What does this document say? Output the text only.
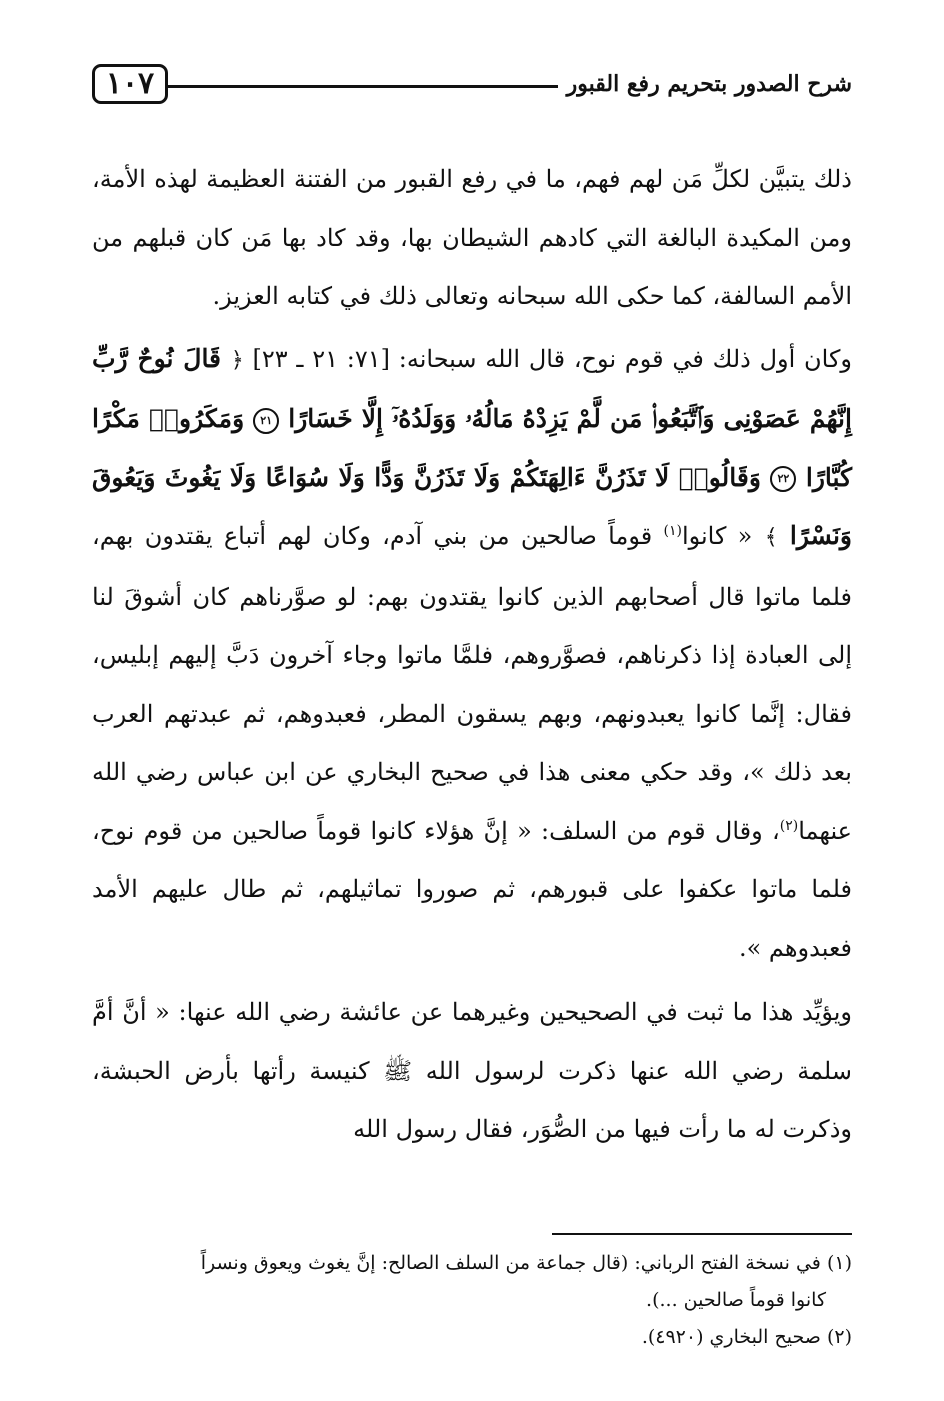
١٠٧	شرح الصدور بتحريم رفع القبور

ذلك يتبيَّن لكلِّ مَن لهم فهم، ما في رفع القبور من الفتنة العظيمة لهذه الأمة، ومن المكيدة البالغة التي كادهم الشيطان بها، وقد كاد بها مَن كان قبلهم من الأمم السالفة، كما حكى الله سبحانه وتعالى ذلك في كتابه العزيز.

وكان أول ذلك في قوم نوح، قال الله سبحانه: [٧١: ٢١ ـ ٢٣] ﴿ قَالَ نُوحٌ رَّبِّ إِنَّهُمْ عَصَوْنِى وَٱتَّبَعُوا۟ مَن لَّمْ يَزِدْهُ مَالُهُۥ وَوَلَدُهُۥٓ إِلَّا خَسَارًا ٢١ وَمَكَرُوا۟ مَكْرًا كُبَّارًا ٢٢ وَقَالُوا۟ لَا تَذَرُنَّ ءَالِهَتَكُمْ وَلَا تَذَرُنَّ وَدًّا وَلَا سُوَاعًا وَلَا يَغُوثَ وَيَعُوقَ وَنَسْرًا ﴾ « كانوا$^{(١)}$ قوماً صالحين من بني آدم، وكان لهم أتباع يقتدون بهم، فلما ماتوا قال أصحابهم الذين كانوا يقتدون بهم: لو صوَّرناهم كان أشوقَ لنا إلى العبادة إذا ذكرناهم، فصوَّروهم، فلمَّا ماتوا وجاء آخرون دَبَّ إليهم إبليس، فقال: إنَّما كانوا يعبدونهم، وبهم يسقون المطر، فعبدوهم، ثم عبدتهم العرب بعد ذلك »، وقد حكي معنى هذا في صحيح البخاري عن ابن عباس رضي الله عنهما$^{(٢)}$، وقال قوم من السلف: « إنَّ هؤلاء كانوا قوماً صالحين من قوم نوح، فلما ماتوا عكفوا على قبورهم، ثم صوروا تماثيلهم، ثم طال عليهم الأمد فعبدوهم ».

ويؤيِّد هذا ما ثبت في الصحيحين وغيرهما عن عائشة رضي الله عنها: « أنَّ أمَّ سلمة رضي الله عنها ذكرت لرسول الله ﷺ كنيسة رأتها بأرض الحبشة، وذكرت له ما رأت فيها من الصُّوَر، فقال رسول الله

(١) في نسخة الفتح الرباني: (قال جماعة من السلف الصالح: إنَّ يغوث ويعوق ونسراً
كانوا قوماً صالحين ...).

(٢) صحيح البخاري (٤٩٢٠).
